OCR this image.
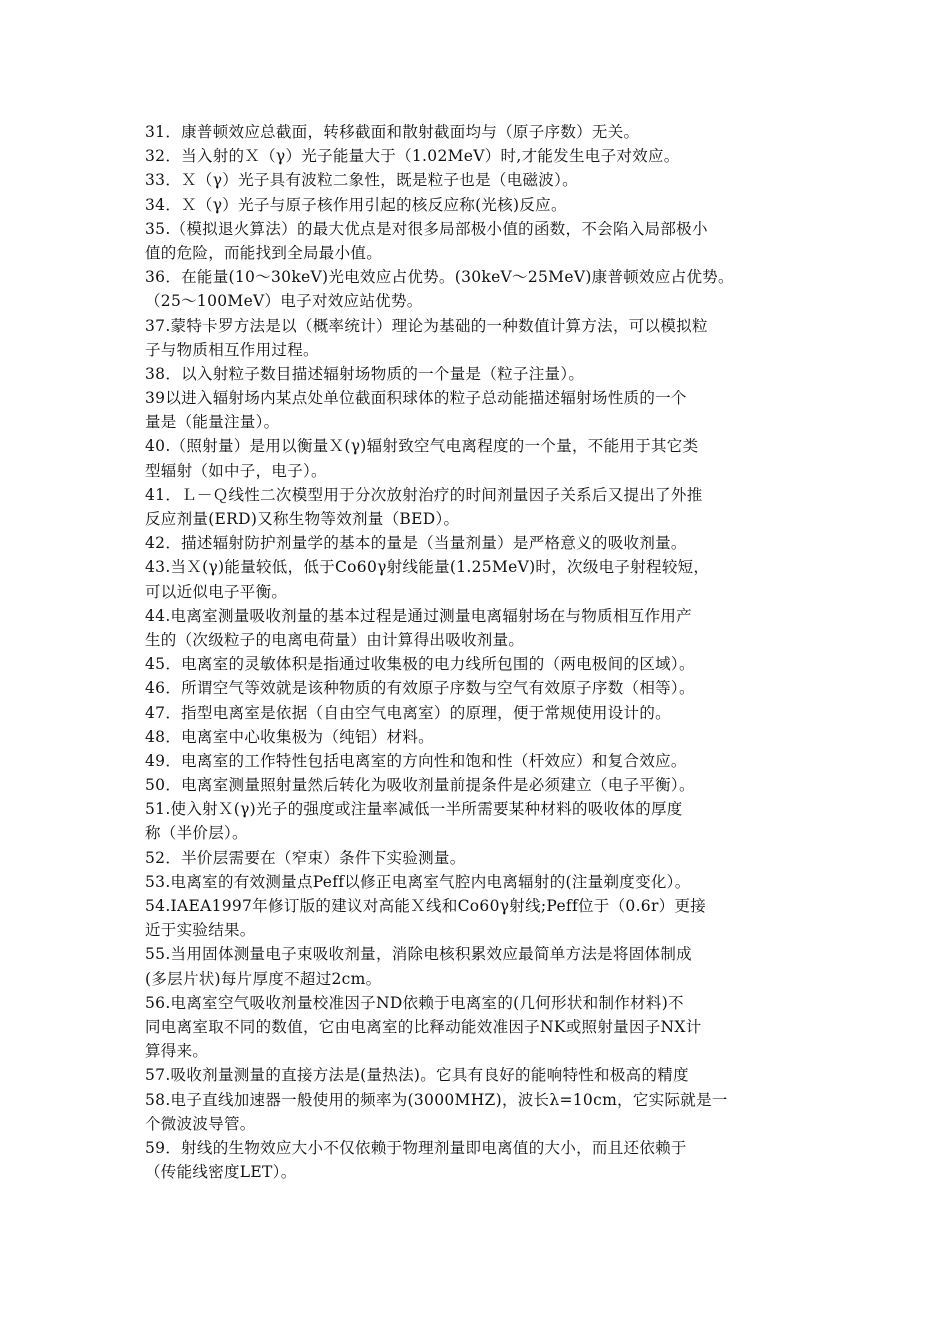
31．康普顿效应总截面，转移截面和散射截面均与（原子序数）无关。
32．当入射的Ｘ（γ）光子能量大于（1.02MeV）时,才能发生电子对效应。
33．Ｘ（γ）光子具有波粒二象性，既是粒子也是（电磁波）。
34．Ｘ（γ）光子与原子核作用引起的核反应称(光核)反应。
35.（模拟退火算法）的最大优点是对很多局部极小值的函数，不会陷入局部极小
值的危险，而能找到全局最小值。
36．在能量(10～30keV)光电效应占优势。(30keV～25MeV)康普顿效应占优势。
（25～100MeV）电子对效应站优势。
37.蒙特卡罗方法是以（概率统计）理论为基础的一种数值计算方法，可以模拟粒
子与物质相互作用过程。
38．以入射粒子数目描述辐射场物质的一个量是（粒子注量）。
39以进入辐射场内某点处单位截面积球体的粒子总动能描述辐射场性质的一个
量是（能量注量）。
40.（照射量）是用以衡量Ｘ(γ)辐射致空气电离程度的一个量，不能用于其它类
型辐射（如中子，电子）。
41．Ｌ－Ｑ线性二次模型用于分次放射治疗的时间剂量因子关系后又提出了外推
反应剂量(ERD)又称生物等效剂量（BED）。
42．描述辐射防护剂量学的基本的量是（当量剂量）是严格意义的吸收剂量。
43.当Ｘ(γ)能量较低，低于Co60γ射线能量(1.25MeV)时，次级电子射程较短，
可以近似电子平衡。
44.电离室测量吸收剂量的基本过程是通过测量电离辐射场在与物质相互作用产
生的（次级粒子的电离电荷量）由计算得出吸收剂量。
45．电离室的灵敏体积是指通过收集极的电力线所包围的（两电极间的区域）。
46．所谓空气等效就是该种物质的有效原子序数与空气有效原子序数（相等）。
47．指型电离室是依据（自由空气电离室）的原理，便于常规使用设计的。
48．电离室中心收集极为（纯铝）材料。
49．电离室的工作特性包括电离室的方向性和饱和性（杆效应）和复合效应。
50．电离室测量照射量然后转化为吸收剂量前提条件是必须建立（电子平衡）。
51.使入射Ｘ(γ)光子的强度或注量率减低一半所需要某种材料的吸收体的厚度
称（半价层）。
52．半价层需要在（窄束）条件下实验测量。
53.电离室的有效测量点Peff以修正电离室气腔内电离辐射的(注量剃度变化）。
54.IAEA1997年修订版的建议对高能Ｘ线和Co60γ射线;Peff位于（0.6r）更接
近于实验结果。
55.当用固体测量电子束吸收剂量，消除电核积累效应最简单方法是将固体制成
(多层片状)每片厚度不超过2cm。
56.电离室空气吸收剂量校准因子ND依赖于电离室的(几何形状和制作材料)不
同电离室取不同的数值，它由电离室的比释动能效准因子NK或照射量因子NX计
算得来。
57.吸收剂量测量的直接方法是(量热法)。它具有良好的能响特性和极高的精度
58.电子直线加速器一般使用的频率为(3000MHZ)，波长λ=10cm，它实际就是一
个微波波导管。
59．射线的生物效应大小不仅依赖于物理剂量即电离值的大小，而且还依赖于
（传能线密度LET）。
